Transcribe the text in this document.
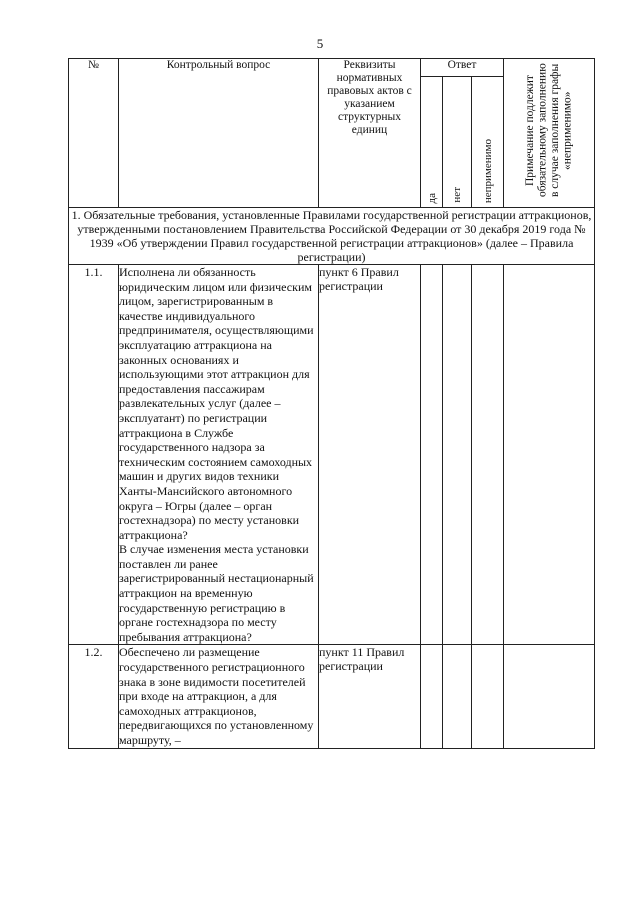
5
№	Контрольный вопрос	Реквизиты нормативных правовых актов с указанием структурных единиц	Ответ			Примечание подлежит обязательному заполнению в случае заполнения графы «неприменимо»

			да	нет	неприменимо	

1. Обязательные требования, установленные Правилами государственной регистрации аттракционов, утвержденными постановлением Правительства Российской Федерации от 30 декабря 2019 года № 1939 «Об утверждении Правил государственной регистрации аттракционов» (далее – Правила регистрации)						
1.1.	Исполнена ли обязанность юридическим лицом или физическим лицом, зарегистрированным в качестве индивидуального предпринимателя, осуществляющими эксплуатацию аттракциона на законных основаниях и использующими этот аттракцион для предоставления пассажирам развлекательных услуг (далее – эксплуатант) по регистрации аттракциона в Службе государственного надзора за техническим состоянием самоходных машин и других видов техники Ханты-Мансийского автономного округа – Югры (далее – орган гостехнадзора) по месту установки аттракциона?
В случае изменения места установки поставлен ли ранее зарегистрированный нестационарный аттракцион на временную государственную регистрацию в органе гостехнадзора по месту пребывания аттракциона?	пункт 6 Правил регистрации				
1.2.	Обеспечено ли размещение государственного регистрационного знака в зоне видимости посетителей при входе на аттракцион, а для самоходных аттракционов, передвигающихся по установленному маршруту, –	пункт 11 Правил регистрации				
